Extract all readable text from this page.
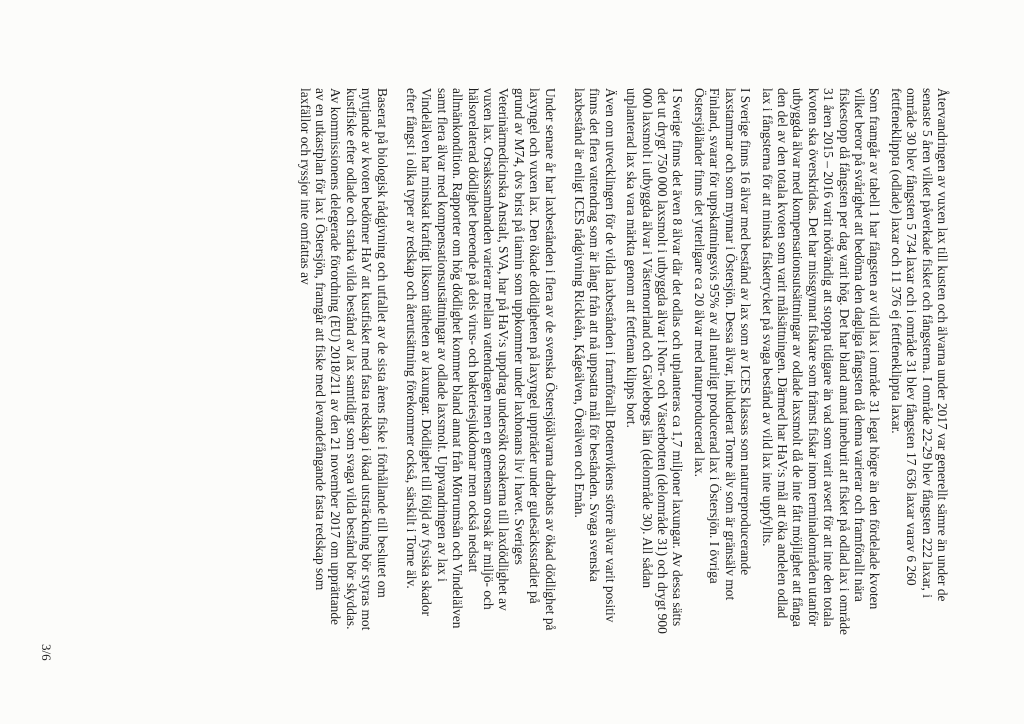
Återvandringen av vuxen lax till kusten och älvarna under 2017 var generellt sämre än under de senaste 5 åren vilket påverkade fisket och fångsterna. I område 22-29 blev fångsten 222 laxar, i område 30 blev fångsten 5 734 laxar och i område 31 blev fångsten 17 636 laxar varav 6 260 fettfeneklippta (odlade) laxar och 11 376 ej fettfeneklippta laxar.

Som framgår av tabell 1 har fångsten av vild lax i område 31 legat högre än den fördelade kvoten vilket beror på svårighet att bedöma den dagliga fångsten då denna varierar och framförallt nära fiskestopp då fångsten per dag varit hög. Det har bland annat inneburit att fisket på odlad lax i område 31 åren 2015 – 2016 varit nödvändig att stoppa tidigare än vad som varit avsett för att inte den totala kvoten ska överskridas. Det har missgynnat fiskare som främst fiskar inom terminalområden utanför utbyggda älvar med kompensationsutsättningar av odlade laxsmolt då de inte fått möjlighet att fånga den del av den totala kvoten som varit målsättningen. Därmed har HaV:s mål att öka andelen odlad lax i fångsterna för att minska fisketrycket på svaga bestånd av vild lax inte uppfyllts.

I Sverige finns 16 älvar med bestånd av lax som av ICES klassas som naturreproducerande laxstammar och som mynnar i Östersjön. Dessa älvar, inkluderat Torne älv som är gränsälv mot Finland, svarar för uppskattningsvis 95% av all naturligt producerad lax i Östersjön. I övriga Östersjöländer finns det ytterligare ca 20 älvar med naturproducerad lax.

I Sverige finns det även 8 älvar där det odlas och utplanteras ca 1,7 miljoner laxungar. Av dessa sätts det ut drygt 750 000 laxsmolt i utbyggda älvar i Norr- och Västerbotten (delområde 31) och drygt 900 000 laxsmolt i utbyggda älvar i Västernorrland och Gävleborgs län (delområde 30). All sådan utplanterad lax ska vara märkta genom att fettfenan klipps bort.

Även om utvecklingen för de vilda laxbestånden i framförallt Bottenvikens större älvar varit positiv finns det flera vattendrag som är långt från att nå uppsatta mål för bestånden. Svaga svenska laxbestånd är enligt ICES rådgivning Rickleån, Kågeälven, Öreälven och Emån.

Under senare år har laxbestånden i flera av de svenska Östersjöälvarna drabbats av ökad dödlighet på laxyngel och vuxen lax. Den ökade dödligheten på laxyngel uppträder under gulesäcksstadiet på grund av M74, dvs brist på tiamin som uppkommer under laxhonans liv i havet. Sveriges Veterinärmedicinska Anstalt, SVA, har på HaV:s uppdrag undersökt orsakerna till laxdödlighet av vuxen lax. Orsakssambanden varierar mellan vattendragen men en gemensam orsak är miljö- och hälsorelaterad dödlighet beroende på dels virus- och bakteriesjukdomar men också nedsatt allmänkondition. Rapporter om hög dödlighet kommer bland annat från Mörrumsån och Vindelälven samt flera älvar med kompensationsutsättningar av odlade laxsmolt. Uppvandringen av lax i Vindelälven har minskat kraftigt liksom tätheten av laxungar. Dödlighet till följd av fysiska skador efter fångst i olika typer av redskap och återutsättning förekommer också, särskilt i Torne älv.

Baserat på biologisk rådgivning och utfallet av de sista årens fiske i förhållande till beslutet om nyttjande av kvoten bedömer HaV att kustfisket med fasta redskap i ökad utsträckning bör styras mot kustfiske efter odlade och starka vilda bestånd av lax samtidigt som svaga vilda bestånd bör skyddas. Av kommissionens delegerade förordning (EU) 2018/211 av den 21 november 2017 om upprättande av en utkastplan för lax i Östersjön, framgår att fiske med levandefångande fasta redskap som laxfällor och ryssjor inte omfattas av

3/6
